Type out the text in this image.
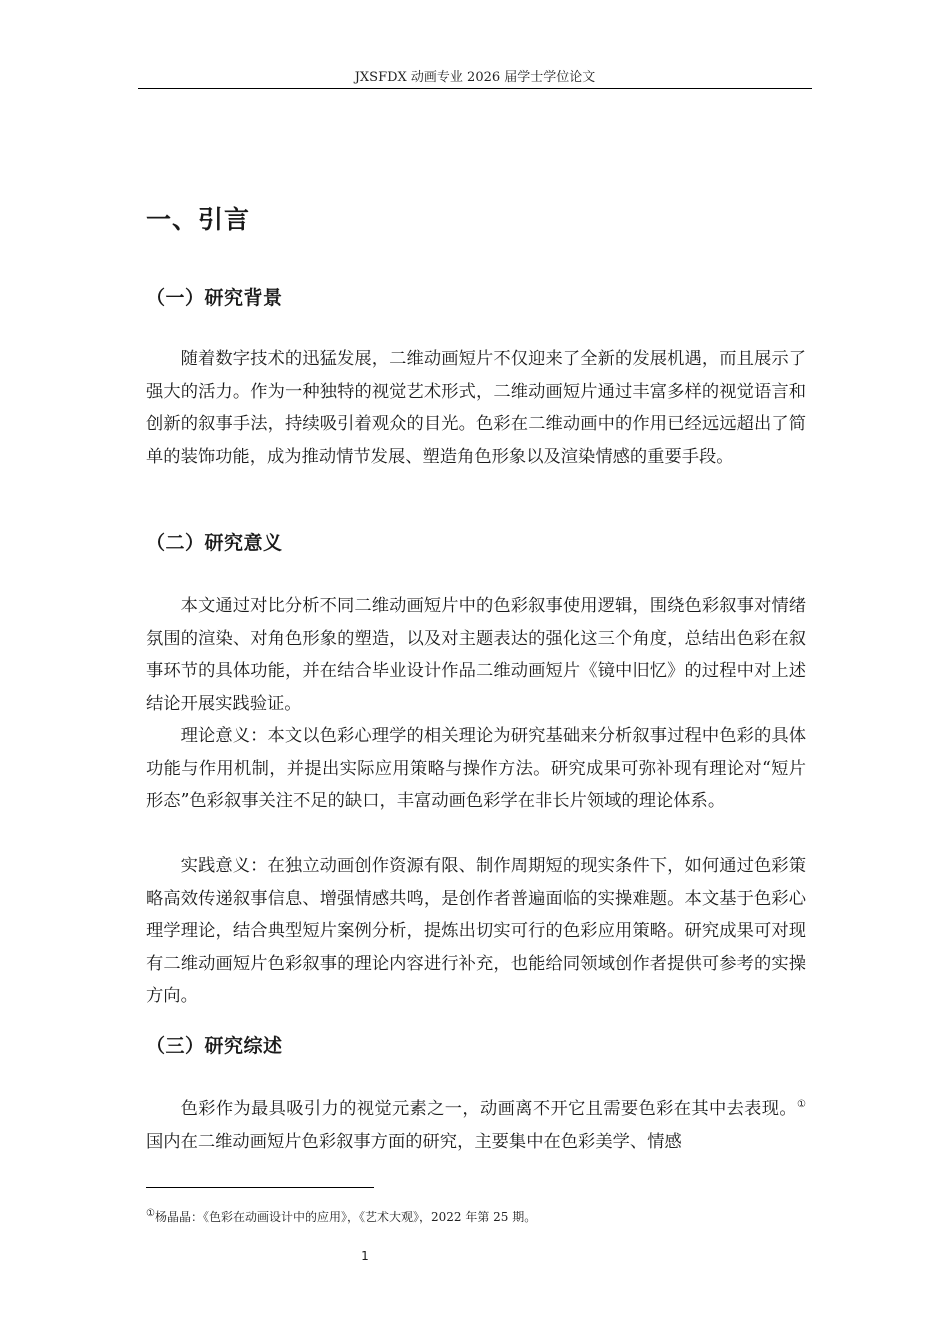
JXSFDX 动画专业 2026 届学士学位论文
一、引言
（一）研究背景

随着数字技术的迅猛发展，二维动画短片不仅迎来了全新的发展机遇，而且展示了强大的活力。作为一种独特的视觉艺术形式，二维动画短片通过丰富多样的视觉语言和创新的叙事手法，持续吸引着观众的目光。色彩在二维动画中的作用已经远远超出了简单的装饰功能，成为推动情节发展、塑造角色形象以及渲染情感的重要手段。

（二）研究意义

本文通过对比分析不同二维动画短片中的色彩叙事使用逻辑，围绕色彩叙事对情绪氛围的渲染、对角色形象的塑造，以及对主题表达的强化这三个角度，总结出色彩在叙事环节的具体功能，并在结合毕业设计作品二维动画短片《镜中旧忆》的过程中对上述结论开展实践验证。

理论意义：本文以色彩心理学的相关理论为研究基础来分析叙事过程中色彩的具体功能与作用机制，并提出实际应用策略与操作方法。研究成果可弥补现有理论对“短片形态”色彩叙事关注不足的缺口，丰富动画色彩学在非长片领域的理论体系。

实践意义：在独立动画创作资源有限、制作周期短的现实条件下，如何通过色彩策略高效传递叙事信息、增强情感共鸣，是创作者普遍面临的实操难题。本文基于色彩心理学理论，结合典型短片案例分析，提炼出切实可行的色彩应用策略。研究成果可对现有二维动画短片色彩叙事的理论内容进行补充，也能给同领域创作者提供可参考的实操方向。

（三）研究综述

色彩作为最具吸引力的视觉元素之一，动画离不开它且需要色彩在其中去表现。①国内在二维动画短片色彩叙事方面的研究，主要集中在色彩美学、情感

①杨晶晶：《色彩在动画设计中的应用》，《艺术大观》，2022 年第 25 期。
1
